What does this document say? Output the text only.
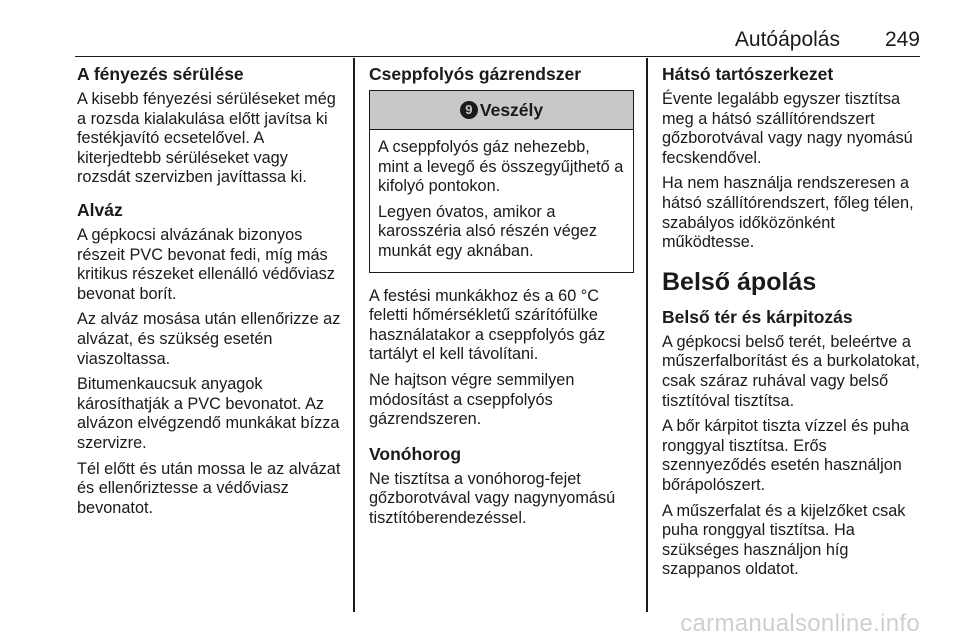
Autóápolás 249
A fényezés sérülése

A kisebb fényezési sérüléseket még a rozsda kialakulása előtt javítsa ki festékjavító ecsetelővel. A kiterjedtebb sérüléseket vagy rozsdát szervizben javíttassa ki.

Alváz

A gépkocsi alvázának bizonyos részeit PVC bevonat fedi, míg más kritikus részeket ellenálló védőviasz bevonat borít.

Az alváz mosása után ellenőrizze az alvázat, és szükség esetén viaszoltassa.

Bitumenkaucsuk anyagok károsíthatják a PVC bevonatot. Az alvázon elvégzendő munkákat bízza szervizre.

Tél előtt és után mossa le az alvázat és ellenőriztesse a védőviasz bevonatot.

Cseppfolyós gázrendszer
9 Veszély

A cseppfolyós gáz nehezebb, mint a levegő és összegyűjthető a kifolyó pontokon.

Legyen óvatos, amikor a karosszéria alsó részén végez munkát egy aknában.

A festési munkákhoz és a 60 °C feletti hőmérsékletű szárítófülke használatakor a cseppfolyós gáz tartályt el kell távolítani.

Ne hajtson végre semmilyen módosítást a cseppfolyós gázrendszeren.

Vonóhorog

Ne tisztítsa a vonóhorog-fejet gőzborotvával vagy nagynyomású tisztítóberendezéssel.

Hátsó tartószerkezet

Évente legalább egyszer tisztítsa meg a hátsó szállítórendszert gőzborotvával vagy nagy nyomású fecskendővel.

Ha nem használja rendszeresen a hátsó szállítórendszert, főleg télen, szabályos időközönként működtesse.

Belső ápolás
Belső tér és kárpitozás

A gépkocsi belső terét, beleértve a műszerfalborítást és a burkolatokat, csak száraz ruhával vagy belső tisztítóval tisztítsa.

A bőr kárpitot tiszta vízzel és puha ronggyal tisztítsa. Erős szennyeződés esetén használjon bőrápolószert.

A műszerfalat és a kijelzőket csak puha ronggyal tisztítsa. Ha szükséges használjon híg szappanos oldatot.

carmanualsonline.info
